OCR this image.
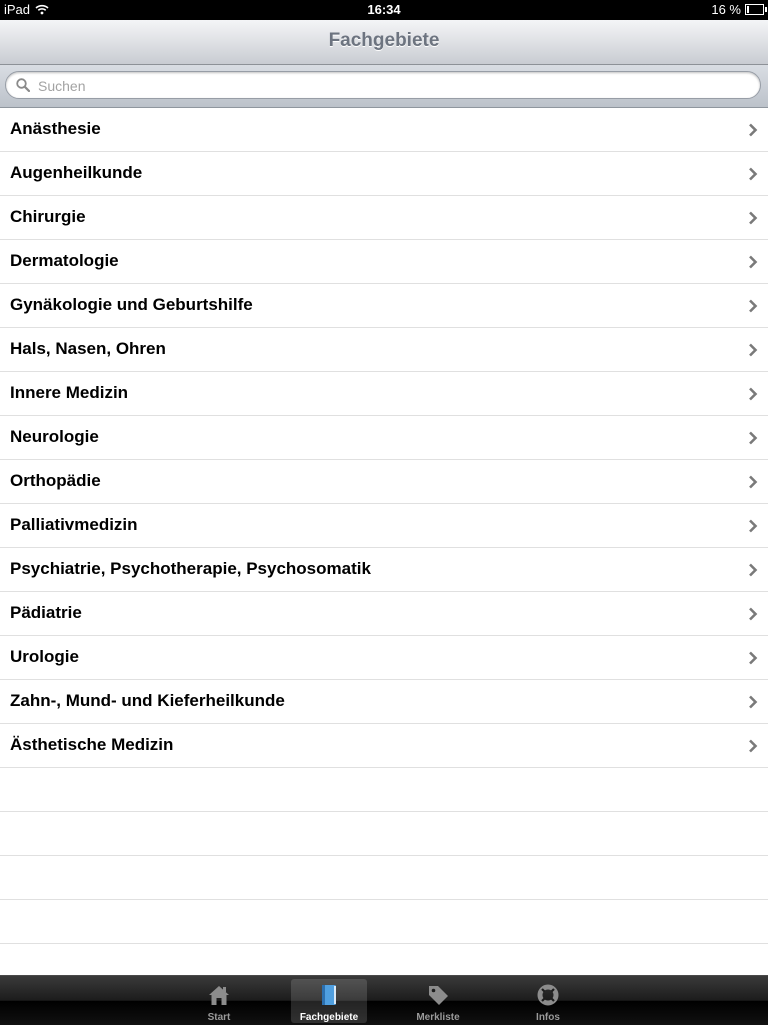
iPad	16:34	16 %
Fachgebiete
Suchen
Anästhesie
Augenheilkunde
Chirurgie
Dermatologie
Gynäkologie und Geburtshilfe
Hals, Nasen, Ohren
Innere Medizin
Neurologie
Orthopädie
Palliativmedizin
Psychiatrie, Psychotherapie, Psychosomatik
Pädiatrie
Urologie
Zahn-, Mund- und Kieferheilkunde
Ästhetische Medizin
Start	Fachgebiete	Merkliste	Infos
